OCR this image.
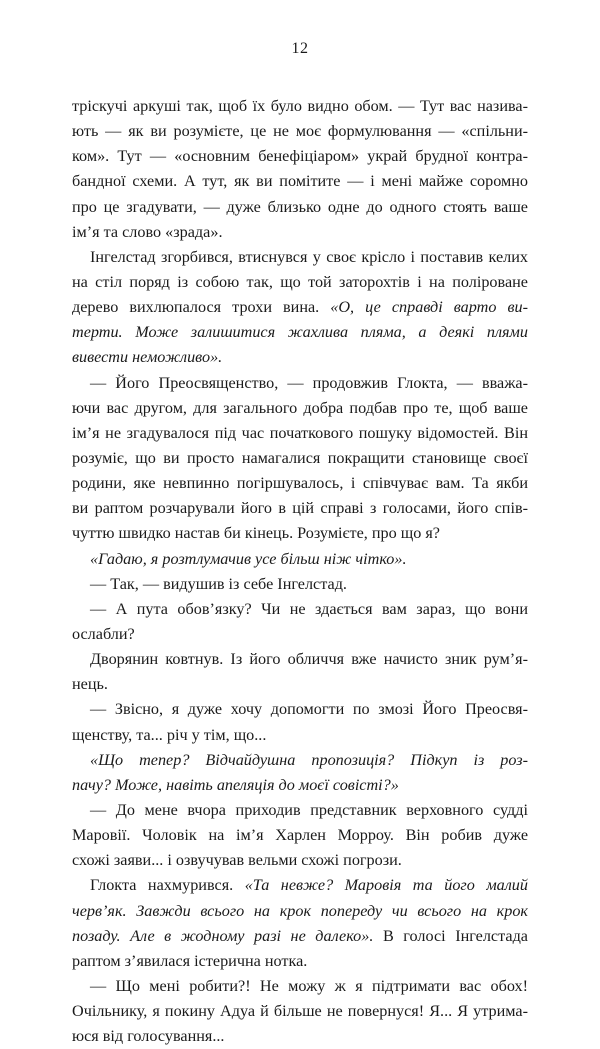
12
тріскучі аркуші так, щоб їх було видно обом. — Тут вас назива-
ють — як ви розумієте, це не моє формулювання — «спільни-
ком». Тут — «основним бенефіціаром» украй брудної контра-
бандної схеми. А тут, як ви помітите — і мені майже соромно
про це згадувати, — дуже близько одне до одного стоять ваше
ім’я та слово «зрада».
Інгелстад згорбився, втиснувся у своє крісло і поставив келих
на стіл поряд із собою так, що той заторохтів і на поліроване
дерево вихлюпалося трохи вина. «О, це справді варто ви-
терти. Може залишитися жахлива пляма, а деякі плями
вивести неможливо».
— Його Преосвященство, — продовжив Глокта, — вважа-
ючи вас другом, для загального добра подбав про те, щоб ваше
ім’я не згадувалося під час початкового пошуку відомостей. Він
розуміє, що ви просто намагалися покращити становище своєї
родини, яке невпинно погіршувалось, і співчуває вам. Та якби
ви раптом розчарували його в цій справі з голосами, його спів-
чуттю швидко настав би кінець. Розумієте, про що я?
«Гадаю, я розтлумачив усе більш ніж чітко».
— Так, — видушив із себе Інгелстад.
— А пута обов’язку? Чи не здається вам зараз, що вони
ослабли?
Дворянин ковтнув. Із його обличчя вже начисто зник рум’я-
нець.
— Звісно, я дуже хочу допомогти по змозі Його Преосвя-
щенству, та... річ у тім, що...
«Що тепер? Відчайдушна пропозиція? Підкуп із роз-
пачу? Може, навіть апеляція до моєї совісті?»
— До мене вчора приходив представник верховного судді
Маровії. Чоловік на ім’я Харлен Морроу. Він робив дуже
схожі заяви... і озвучував вельми схожі погрози.
Глокта нахмурився. «Та невже? Маровія та його малий
черв’як. Завжди всього на крок попереду чи всього на крок
позаду. Але в жодному разі не далеко». В голосі Інгелстада
раптом з’явилася істерична нотка.
— Що мені робити?! Не можу ж я підтримати вас обох!
Очільнику, я покину Адуа й більше не повернуся! Я... Я утрима-
юся від голосування...
